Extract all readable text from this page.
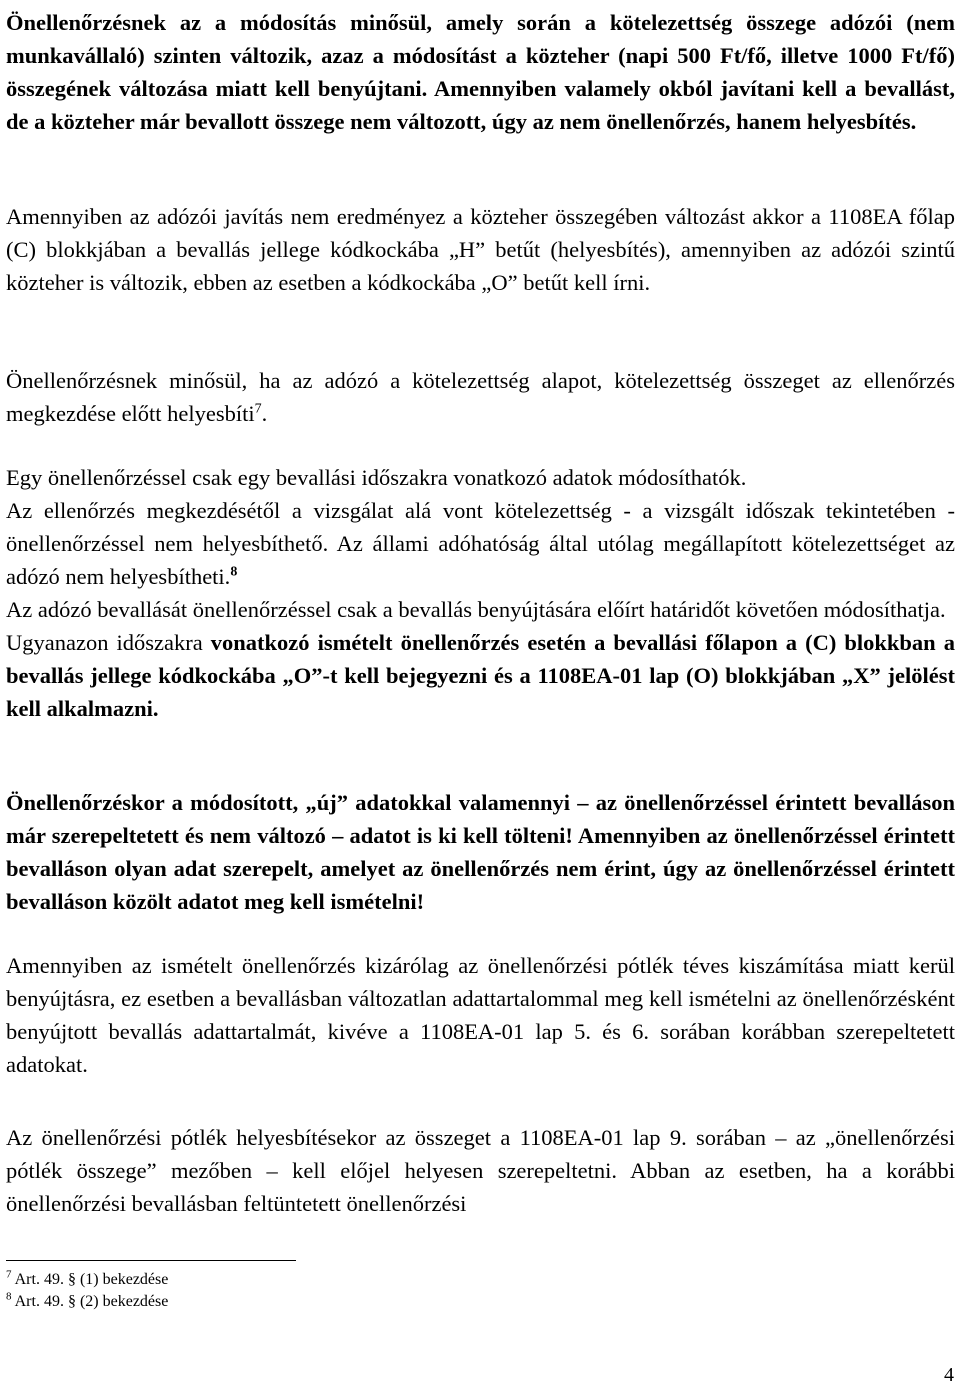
Önellenőrzésnek az a módosítás minősül, amely során a kötelezettség összege adózói (nem munkavállaló) szinten változik, azaz a módosítást a közteher (napi 500 Ft/fő, illetve 1000 Ft/fő) összegének változása miatt kell benyújtani. Amennyiben valamely okból javítani kell a bevallást, de a közteher már bevallott összege nem változott, úgy az nem önellenőrzés, hanem helyesbítés.
Amennyiben az adózói javítás nem eredményez a közteher összegében változást akkor a 1108EA főlap (C) blokkjában a bevallás jellege kódkockába „H” betűt (helyesbítés), amennyiben az adózói szintű közteher is változik, ebben az esetben a kódkockába „O” betűt kell írni.
Önellenőrzésnek minősül, ha az adózó a kötelezettség alapot, kötelezettség összeget az ellenőrzés megkezdése előtt helyesbíti$^7$.
Egy önellenőrzéssel csak egy bevallási időszakra vonatkozó adatok módosíthatók.
Az ellenőrzés megkezdésétől a vizsgálat alá vont kötelezettség - a vizsgált időszak tekintetében - önellenőrzéssel nem helyesbíthető. Az állami adóhatóság által utólag megállapított kötelezettséget az adózó nem helyesbítheti.$^8$
Az adózó bevallását önellenőrzéssel csak a bevallás benyújtására előírt határidőt követően módosíthatja.
Ugyanazon időszakra vonatkozó ismételt önellenőrzés esetén a bevallási főlapon a (C) blokkban a bevallás jellege kódkockába „O”-t kell bejegyezni és a 1108EA-01 lap (O) blokkjában „X” jelölést kell alkalmazni.
Önellenőrzéskor a módosított, „új” adatokkal valamennyi – az önellenőrzéssel érintett bevalláson már szerepeltetett és nem változó – adatot is ki kell tölteni! Amennyiben az önellenőrzéssel érintett bevalláson olyan adat szerepelt, amelyet az önellenőrzés nem érint, úgy az önellenőrzéssel érintett bevalláson közölt adatot meg kell ismételni!
Amennyiben az ismételt önellenőrzés kizárólag az önellenőrzési pótlék téves kiszámítása miatt kerül benyújtásra, ez esetben a bevallásban változatlan adattartalommal meg kell ismételni az önellenőrzésként benyújtott bevallás adattartalmát, kivéve a 1108EA-01 lap 5. és 6. sorában korábban szerepeltetett adatokat.
Az önellenőrzési pótlék helyesbítésekor az összeget a 1108EA-01 lap 9. sorában – az „önellenőrzési pótlék összege” mezőben – kell előjel helyesen szerepeltetni. Abban az esetben, ha a korábbi önellenőrzési bevallásban feltüntetett önellenőrzési
$^7$ Art. 49. § (1) bekezdése
$^8$ Art. 49. § (2) bekezdése
4
